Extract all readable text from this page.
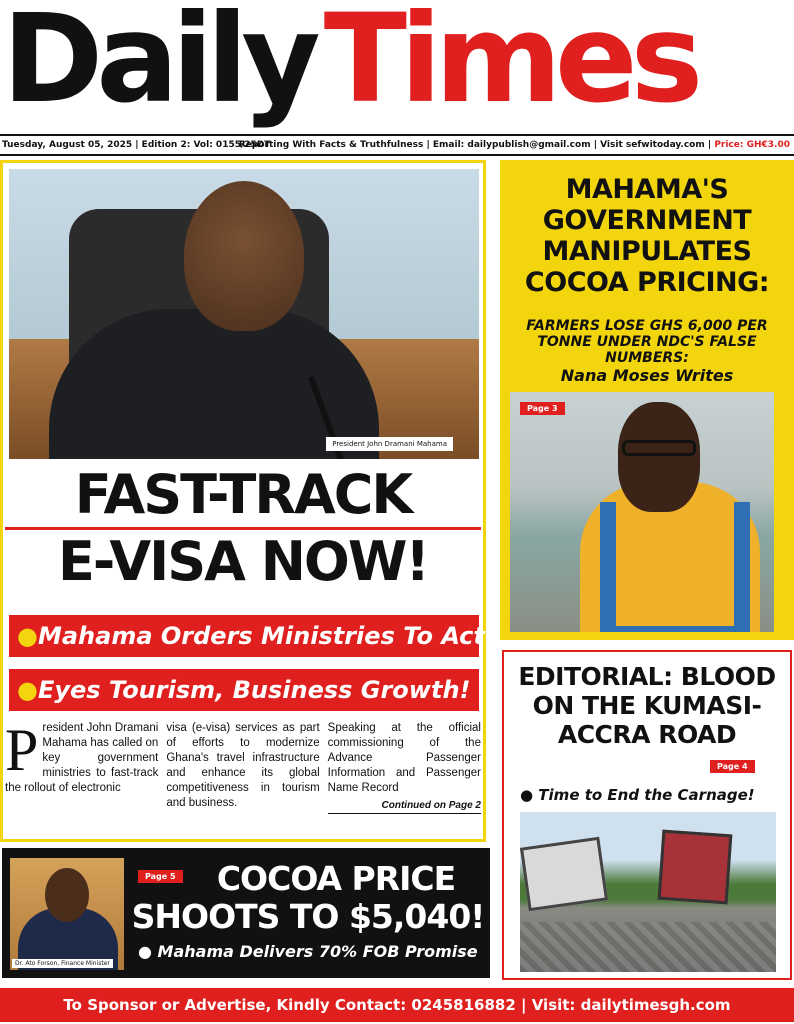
DailyTimes
Tuesday, August 05, 2025 | Edition 2: Vol: 0155/25DT
Reporting With Facts & Truthfulness | Email: dailypublish@gmail.com | Visit sefwitoday.com | Price: GH€3.00
President John Dramani Mahama
FAST-TRACK
E-VISA NOW!
●Mahama Orders Ministries To Act
●Eyes Tourism, Business Growth!
President John Dramani Mahama has called on key government ministries to fast-track the rollout of electronic
visa (e-visa) services as part of efforts to modernize Ghana's travel infrastructure and enhance its global competitiveness in tourism and business.
Speaking at the official commissioning of the Advance Passenger Information and Passenger Name Record
Continued on Page 2
MAHAMA'S GOVERNMENT MANIPULATES COCOA PRICING:
FARMERS LOSE GHS 6,000 PER TONNE UNDER NDC'S FALSE NUMBERS:
Nana Moses Writes
Page 3
EDITORIAL: BLOOD ON THE KUMASI-ACCRA ROAD
Page 4
● Time to End the Carnage!
Dr. Ato Forson, Finance Minister
Page 5	COCOA PRICE
SHOOTS TO $5,040!
● Mahama Delivers 70% FOB Promise
To Sponsor or Advertise, Kindly Contact: 0245816882 | Visit: dailytimesgh.com
